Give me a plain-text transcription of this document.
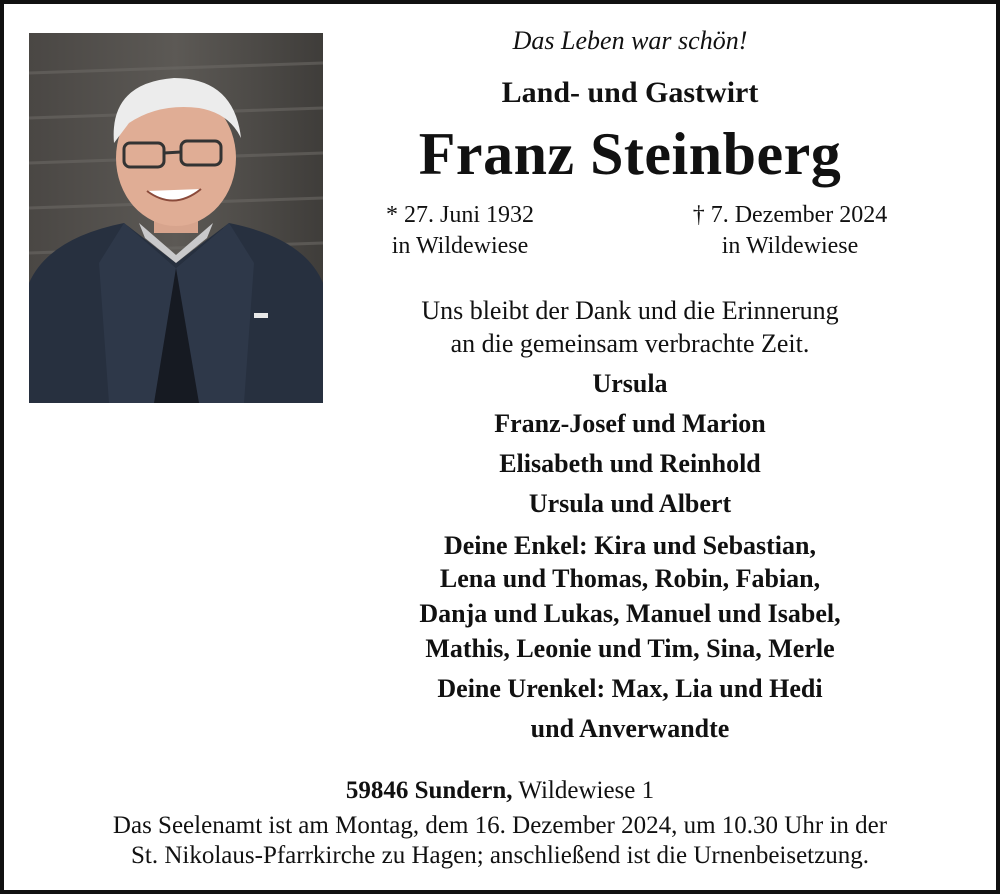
Das Leben war schön!
Land- und Gastwirt
Franz Steinberg
* 27. Juni 1932
in Wildewiese
† 7. Dezember 2024
in Wildewiese
Uns bleibt der Dank und die Erinnerung
an die gemeinsam verbrachte Zeit.
Ursula
Franz-Josef und Marion
Elisabeth und Reinhold
Ursula und Albert
Deine Enkel: Kira und Sebastian,
Lena und Thomas, Robin, Fabian,
Danja und Lukas, Manuel und Isabel,
Mathis, Leonie und Tim, Sina, Merle
Deine Urenkel: Max, Lia und Hedi
und Anverwandte
59846 Sundern, Wildewiese 1
Das Seelenamt ist am Montag, dem 16. Dezember 2024, um 10.30 Uhr in der
St. Nikolaus-Pfarrkirche zu Hagen; anschließend ist die Urnenbeisetzung.
